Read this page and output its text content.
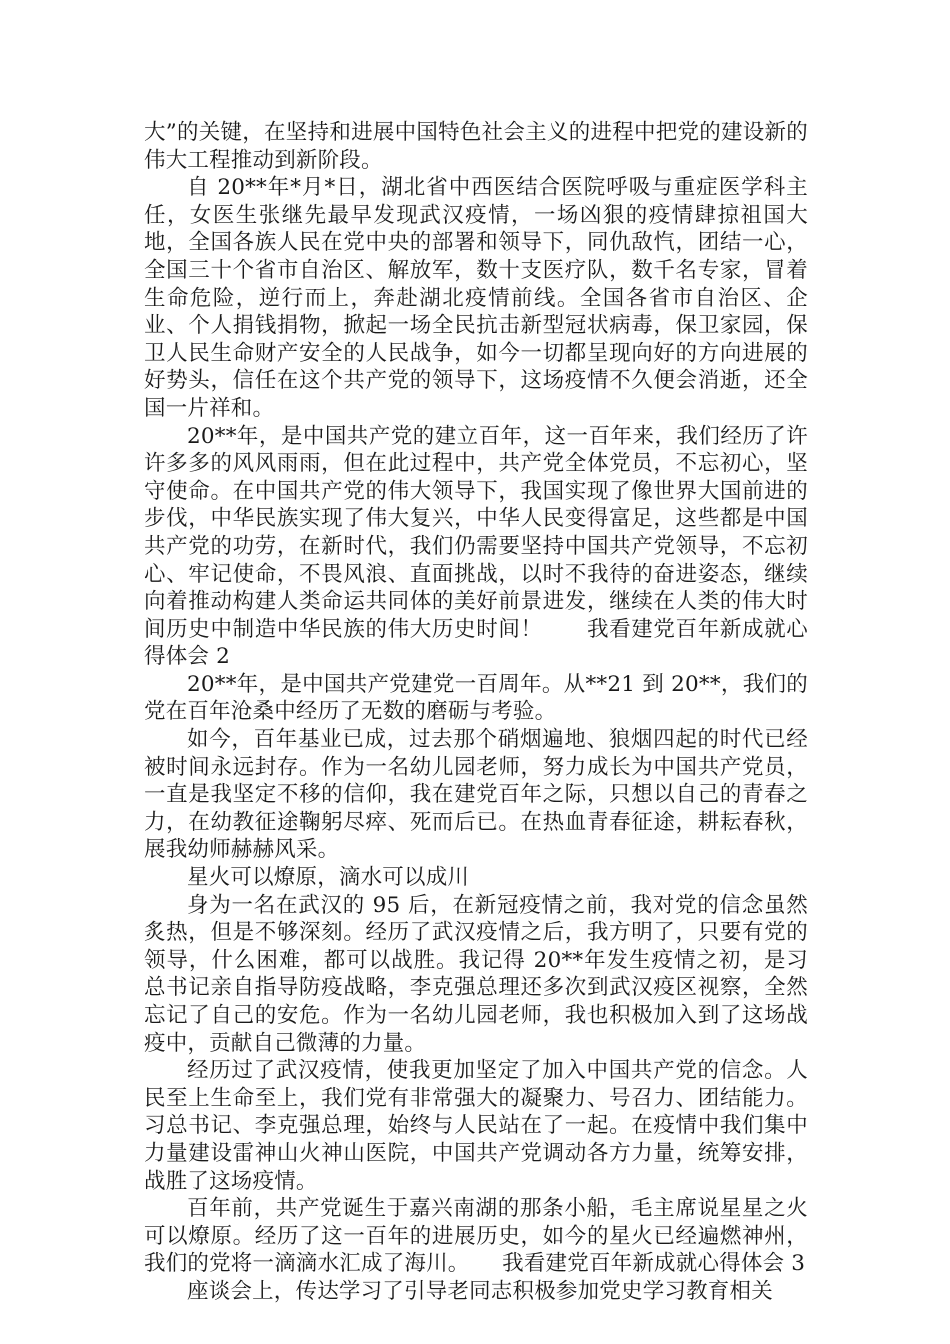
大”的关键，在坚持和进展中国特色社会主义的进程中把党的建设新的伟大工程推动到新阶段。

自 20**年*月*日，湖北省中西医结合医院呼吸与重症医学科主任，女医生张继先最早发现武汉疫情，一场凶狠的疫情肆掠祖国大地，全国各族人民在党中央的部署和领导下，同仇敌忾，团结一心，全国三十个省市自治区、解放军，数十支医疗队，数千名专家，冒着生命危险，逆行而上，奔赴湖北疫情前线。全国各省市自治区、企业、个人捐钱捐物，掀起一场全民抗击新型冠状病毒，保卫家园，保卫人民生命财产安全的人民战争，如今一切都呈现向好的方向进展的好势头，信任在这个共产党的领导下，这场疫情不久便会消逝，还全国一片祥和。

20**年，是中国共产党的建立百年，这一百年来，我们经历了许许多多的风风雨雨，但在此过程中，共产党全体党员，不忘初心，坚守使命。在中国共产党的伟大领导下，我国实现了像世界大国前进的步伐，中华民族实现了伟大复兴，中华人民变得富足，这些都是中国共产党的功劳，在新时代，我们仍需要坚持中国共产党领导，不忘初心、牢记使命，不畏风浪、直面挑战，以时不我待的奋进姿态，继续向着推动构建人类命运共同体的美好前景进发，继续在人类的伟大时间历史中制造中华民族的伟大历史时间！　　我看建党百年新成就心得体会 2

20**年，是中国共产党建党一百周年。从**21 到 20**，我们的党在百年沧桑中经历了无数的磨砺与考验。

如今，百年基业已成，过去那个硝烟遍地、狼烟四起的时代已经被时间永远封存。作为一名幼儿园老师，努力成长为中国共产党员，一直是我坚定不移的信仰，我在建党百年之际，只想以自己的青春之力，在幼教征途鞠躬尽瘁、死而后已。在热血青春征途，耕耘春秋，展我幼师赫赫风采。

星火可以燎原，滴水可以成川

身为一名在武汉的 95 后，在新冠疫情之前，我对党的信念虽然炙热，但是不够深刻。经历了武汉疫情之后，我方明了，只要有党的领导，什么困难，都可以战胜。我记得 20**年发生疫情之初，是习总书记亲自指导防疫战略，李克强总理还多次到武汉疫区视察，全然忘记了自己的安危。作为一名幼儿园老师，我也积极加入到了这场战疫中，贡献自己微薄的力量。

经历过了武汉疫情，使我更加坚定了加入中国共产党的信念。人民至上生命至上，我们党有非常强大的凝聚力、号召力、团结能力。习总书记、李克强总理，始终与人民站在了一起。在疫情中我们集中力量建设雷神山火神山医院，中国共产党调动各方力量，统筹安排，战胜了这场疫情。

百年前，共产党诞生于嘉兴南湖的那条小船，毛主席说星星之火可以燎原。经历了这一百年的进展历史，如今的星火已经遍燃神州，我们的党将一滴滴水汇成了海川。　　我看建党百年新成就心得体会 3

座谈会上，传达学习了引导老同志积极参加党史学习教育相关
